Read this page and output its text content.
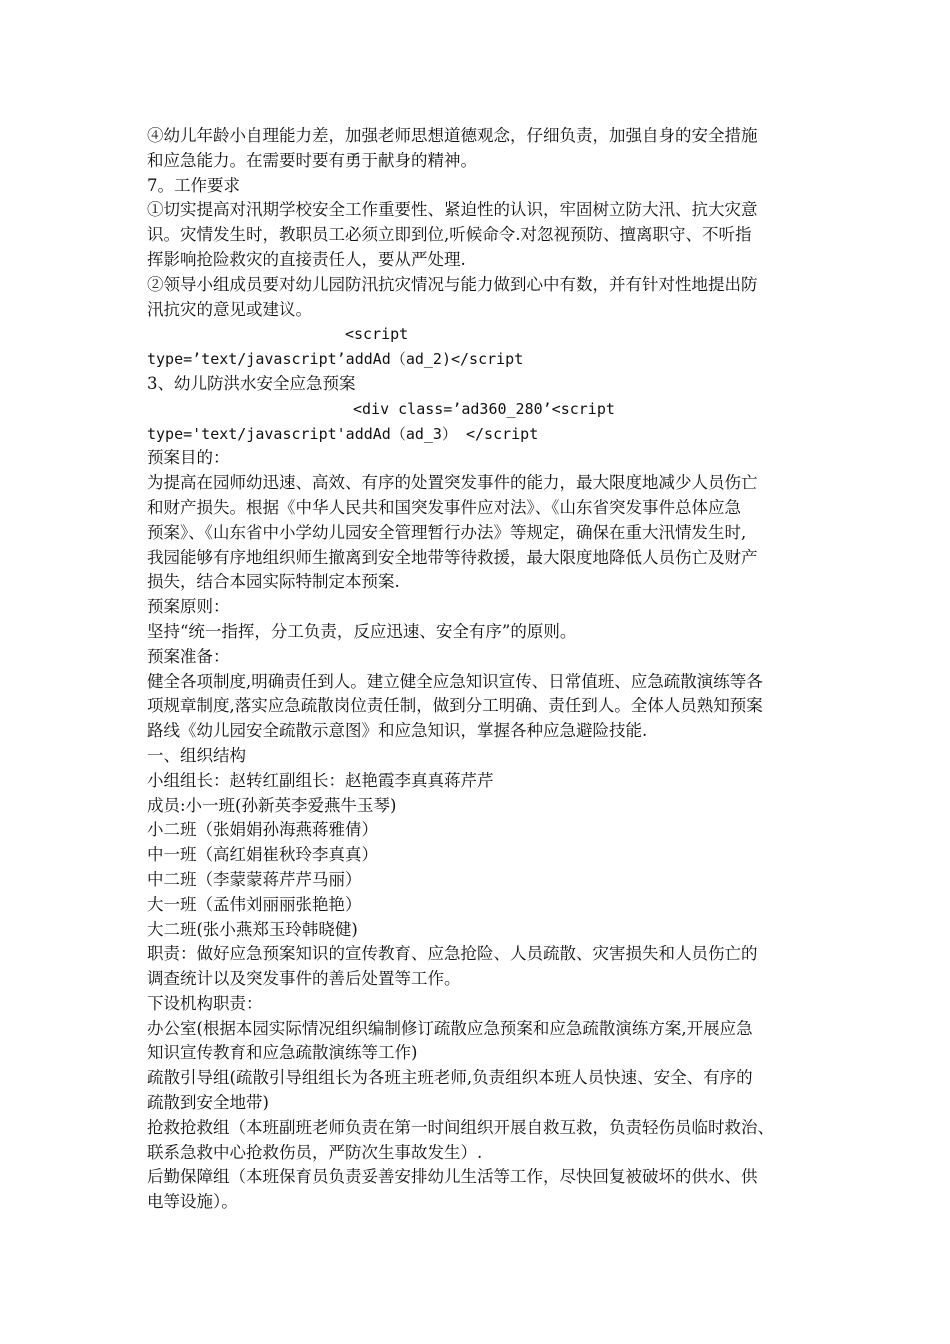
④幼儿年龄小自理能力差，加强老师思想道德观念，仔细负责，加强自身的安全措施
和应急能力。在需要时要有勇于献身的精神。
7。工作要求
①切实提高对汛期学校安全工作重要性、紧迫性的认识，牢固树立防大汛、抗大灾意
识。灾情发生时，教职员工必须立即到位,听候命令.对忽视预防、擅离职守、不听指
挥影响抢险救灾的直接责任人，要从严处理.
②领导小组成员要对幼儿园防汛抗灾情况与能力做到心中有数，并有针对性地提出防
汛抗灾的意见或建议。
<script
type=’text/javascript’addAd（ad_2)</script
3、幼儿防洪水安全应急预案
<div class=’ad360_280’<script
type='text/javascript'addAd（ad_3） </script
预案目的：
为提高在园师幼迅速、高效、有序的处置突发事件的能力，最大限度地减少人员伤亡
和财产损失。根据《中华人民共和国突发事件应对法》、《山东省突发事件总体应急
预案》、《山东省中小学幼儿园安全管理暂行办法》等规定，确保在重大汛情发生时,
我园能够有序地组织师生撤离到安全地带等待救援，最大限度地降低人员伤亡及财产
损失，结合本园实际特制定本预案.
预案原则：
坚持“统一指挥，分工负责，反应迅速、安全有序”的原则。
预案准备：
健全各项制度,明确责任到人。建立健全应急知识宣传、日常值班、应急疏散演练等各
项规章制度,落实应急疏散岗位责任制，做到分工明确、责任到人。全体人员熟知预案
路线《幼儿园安全疏散示意图》和应急知识，掌握各种应急避险技能.
一、组织结构
小组组长：赵转红副组长：赵艳霞李真真蒋芹芹
成员:小一班(孙新英李爱燕牛玉琴)
小二班（张娟娟孙海燕蒋雅倩）
中一班（高红娟崔秋玲李真真）
中二班（李蒙蒙蒋芹芹马丽）
大一班（孟伟刘丽丽张艳艳）
大二班(张小燕郑玉玲韩晓健)
职责：做好应急预案知识的宣传教育、应急抢险、人员疏散、灾害损失和人员伤亡的
调查统计以及突发事件的善后处置等工作。
下设机构职责：
办公室(根据本园实际情况组织编制修订疏散应急预案和应急疏散演练方案,开展应急
知识宣传教育和应急疏散演练等工作)
疏散引导组(疏散引导组组长为各班主班老师,负责组织本班人员快速、安全、有序的
疏散到安全地带)
抢救抢救组（本班副班老师负责在第一时间组织开展自救互救，负责轻伤员临时救治、
联系急救中心抢救伤员，严防次生事故发生）.
后勤保障组（本班保育员负责妥善安排幼儿生活等工作，尽快回复被破坏的供水、供
电等设施）。
